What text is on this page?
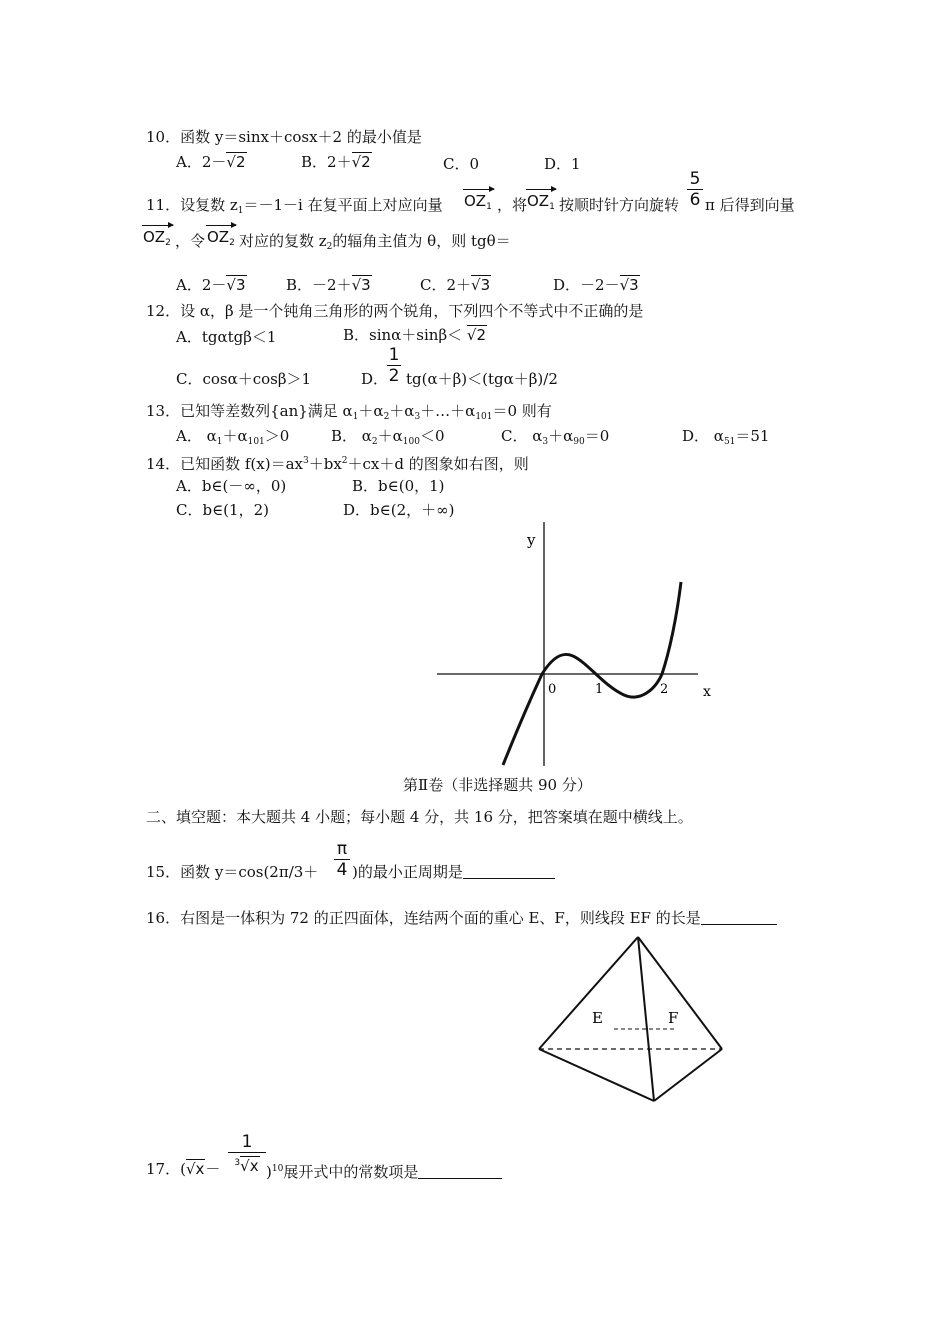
10．函数 y＝sinx＋cosx＋2 的最小值是
A．2－√2	B．2＋√2	C．0	D．1
11．设复数 $z_1=-1-i$ 在复平面上对应向量 $OZ_1$ ，将 $OZ_1$ 按顺时针方向旋转
5
6 π 后得到向量
$OZ_2$ ，令 $OZ_2$ 对应的复数 $z_2$的辐角主值为 θ，则 tgθ＝
A．2－√3	B．－2＋√3	C．2＋√3	D．－2－√3
12．设 α，β 是一个钝角三角形的两个锐角，下列四个不等式中不正确的是
A．tgαtgβ＜1	B．sinα＋sinβ＜ √2
C．cosα＋cosβ＞1	D．
1
2 tg(α＋β)＜(tgα＋β)/2
13．已知等差数列{an}满足 $\alpha_1+\alpha_2+\alpha_3+\dots+\alpha_{101}=0$ 则有
A． $\alpha_1+\alpha_{101}>0$	B． $\alpha_2+\alpha_{100}<0$	C． $\alpha_3+\alpha_{90}=0$	D． $\alpha_{51}=51$
14．已知函数 $f(x)=ax^3+bx^2+cx+d$ 的图象如右图，则
A．b∈(－∞，0)	B．b∈(0，1)
C．b∈(1，2)	D．b∈(2，＋∞)
y
x
0	1	2
第Ⅱ卷（非选择题共 90 分）
二、填空题：本大题共 4 小题；每小题 4 分，共 16 分，把答案填在题中横线上。
15．函数 y＝cos(2π/3＋
π
4 )的最小正周期是
16．右图是一体积为 72 的正四面体，连结两个面的重心 E、F，则线段 EF 的长是
E	F
17．(√x－
1
$^3$√x )$^{10}$展开式中的常数项是
